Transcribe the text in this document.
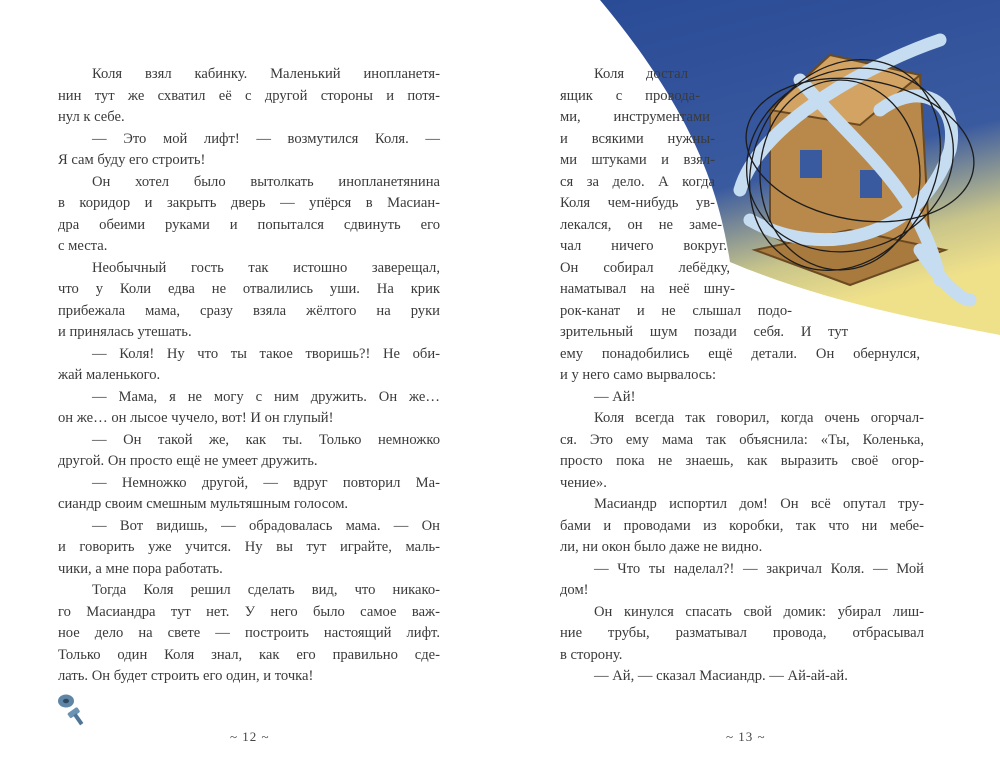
Коля взял кабинку. Маленький инопланетя-
нин тут же схватил её с другой стороны и потя-
нул к себе.
— Это мой лифт! — возмутился Коля. —
Я сам буду его строить!
Он хотел было вытолкать инопланетянина
в коридор и закрыть дверь — упёрся в Масиан-
дра обеими руками и попытался сдвинуть его
с места.
Необычный гость так истошно заверещал,
что у Коли едва не отвалились уши. На крик
прибежала мама, сразу взяла жёлтого на руки
и принялась утешать.
— Коля! Ну что ты такое творишь?! Не оби-
жай маленького.
— Мама, я не могу с ним дружить. Он же…
он же… он лысое чучело, вот! И он глупый!
— Он такой же, как ты. Только немножко
другой. Он просто ещё не умеет дружить.
— Немножко другой, — вдруг повторил Ма-
сиандр своим смешным мультяшным голосом.
— Вот видишь, — обрадовалась мама. — Он
и говорить уже учится. Ну вы тут играйте, маль-
чики, а мне пора работать.
Тогда Коля решил сделать вид, что никако-
го Масиандра тут нет. У него было самое важ-
ное дело на свете — построить настоящий лифт.
Только один Коля знал, как его правильно сде-
лать. Он будет строить его один, и точка!
~ 12 ~
Коля достал
ящик с провода-
ми, инструментами
и всякими нужны-
ми штуками и взял-
ся за дело. А когда
Коля чем-нибудь ув-
лекался, он не заме-
чал ничего вокруг.
Он собирал лебёдку,
наматывал на неё шну-
рок-канат и не слышал подо-
зрительный шум позади себя. И тут
ему понадобились ещё детали. Он обернулся,
и у него само вырвалось:
— Ай!
Коля всегда так говорил, когда очень огорчал-
ся. Это ему мама так объяснила: «Ты, Коленька,
просто пока не знаешь, как выразить своё огор-
чение».
Масиандр испортил дом! Он всё опутал тру-
бами и проводами из коробки, так что ни мебе-
ли, ни окон было даже не видно.
— Что ты наделал?! — закричал Коля. — Мой
дом!
Он кинулся спасать свой домик: убирал лиш-
ние трубы, разматывал провода, отбрасывал
в сторону.
— Ай, — сказал Масиандр. — Ай-ай-ай.
~ 13 ~
